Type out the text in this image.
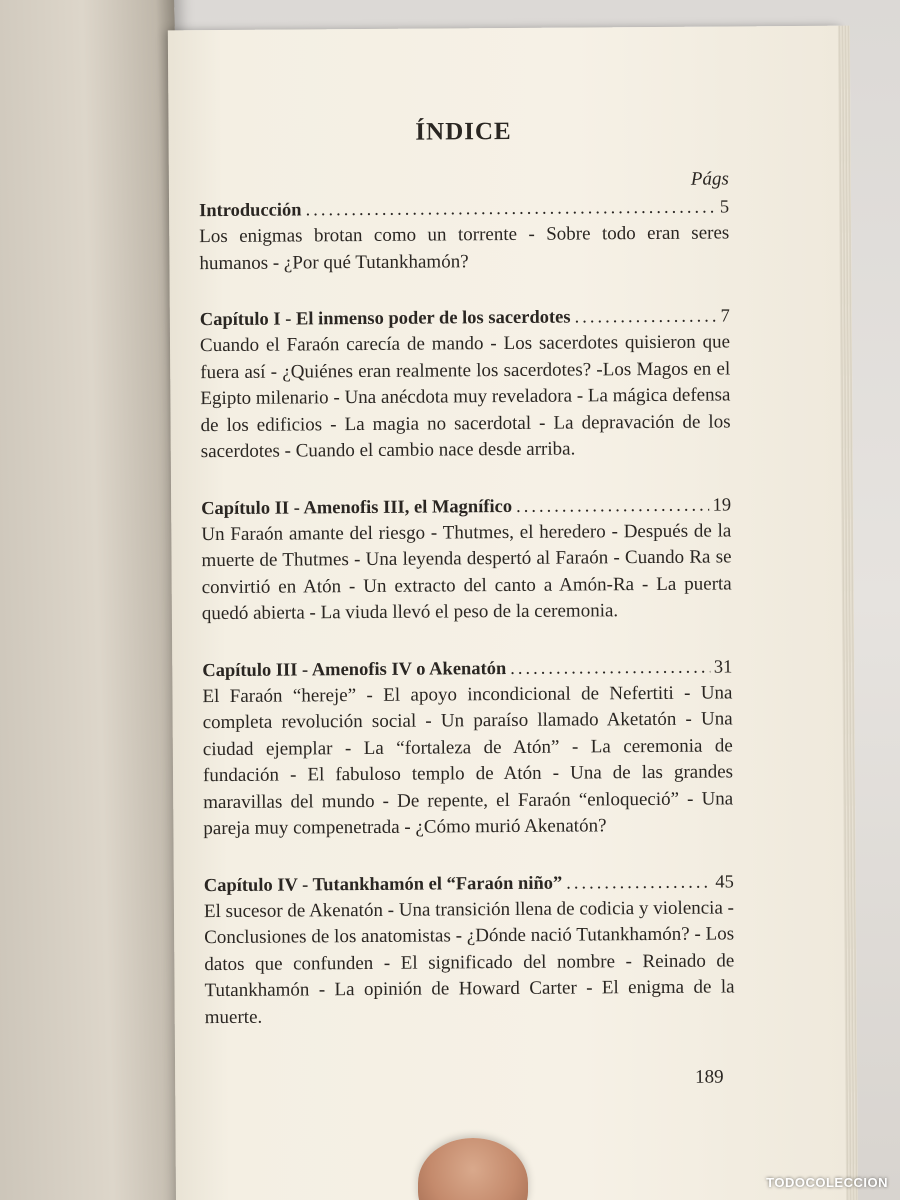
ÍNDICE
Págs
Introducción .....	5
Los enigmas brotan como un torrente - Sobre todo eran seres humanos - ¿Por qué Tutankhamón?
Capítulo I - El inmenso poder de los sacerdotes .....	7
Cuando el Faraón carecía de mando - Los sacerdotes quisieron que fuera así - ¿Quiénes eran realmente los sacerdotes? -Los Magos en el Egipto milenario - Una anécdota muy reveladora - La mágica defensa de los edificios - La magia no sacerdotal - La depravación de los sacerdotes - Cuando el cambio nace desde arriba.
Capítulo II - Amenofis III, el Magnífico .....	19
Un Faraón amante del riesgo - Thutmes, el heredero - Después de la muerte de Thutmes - Una leyenda despertó al Faraón - Cuando Ra se convirtió en Atón - Un extracto del canto a Amón-Ra - La puerta quedó abierta - La viuda llevó el peso de la ceremonia.
Capítulo III - Amenofis IV o Akenatón .....	31
El Faraón “hereje” - El apoyo incondicional de Nefertiti - Una completa revolución social - Un paraíso llamado Aketatón - Una ciudad ejemplar - La “fortaleza de Atón” - La ceremonia de fundación - El fabuloso templo de Atón - Una de las grandes maravillas del mundo - De repente, el Faraón “enloqueció” - Una pareja muy compenetrada - ¿Cómo murió Akenatón?
Capítulo IV - Tutankhamón el “Faraón niño” .....	45
El sucesor de Akenatón - Una transición llena de codicia y violencia - Conclusiones de los anatomistas - ¿Dónde nació Tutankhamón? - Los datos que confunden - El significado del nombre - Reinado de Tutankhamón - La opinión de Howard Carter - El enigma de la muerte.
189
TODOCOLECCION
